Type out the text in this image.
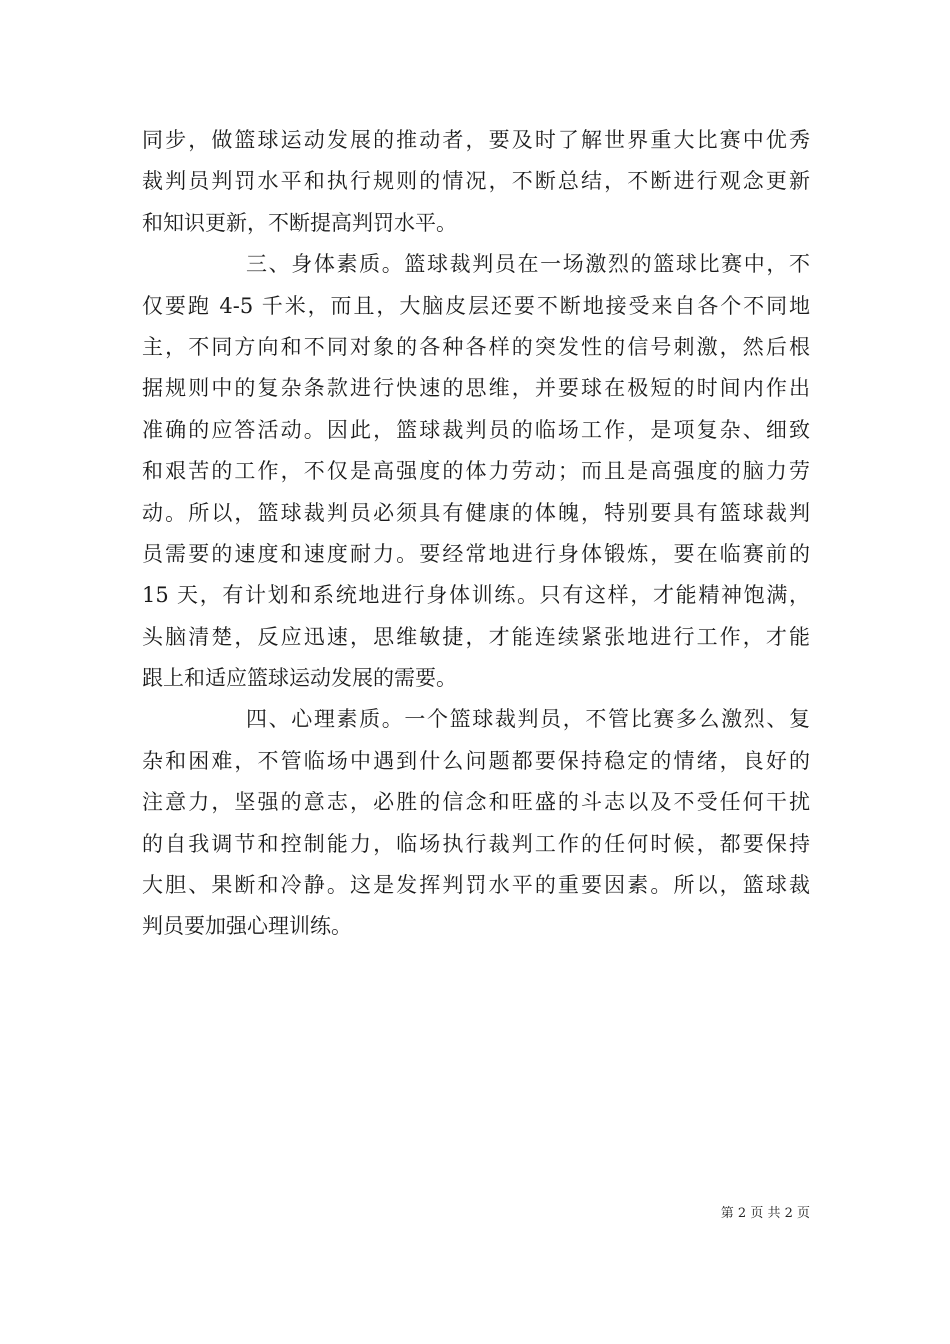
同步，做篮球运动发展的推动者，要及时了解世界重大比赛中优秀
裁判员判罚水平和执行规则的情况，不断总结，不断进行观念更新
和知识更新，不断提高判罚水平。
三、身体素质。篮球裁判员在一场激烈的篮球比赛中，不
仅要跑 4-5 千米，而且，大脑皮层还要不断地接受来自各个不同地
主，不同方向和不同对象的各种各样的突发性的信号刺激，然后根
据规则中的复杂条款进行快速的思维，并要球在极短的时间内作出
准确的应答活动。因此，篮球裁判员的临场工作，是项复杂、细致
和艰苦的工作，不仅是高强度的体力劳动；而且是高强度的脑力劳
动。所以，篮球裁判员必须具有健康的体魄，特别要具有篮球裁判
员需要的速度和速度耐力。要经常地进行身体锻炼，要在临赛前的
15 天，有计划和系统地进行身体训练。只有这样，才能精神饱满，
头脑清楚，反应迅速，思维敏捷，才能连续紧张地进行工作，才能
跟上和适应篮球运动发展的需要。
四、心理素质。一个篮球裁判员，不管比赛多么激烈、复
杂和困难，不管临场中遇到什么问题都要保持稳定的情绪，良好的
注意力，坚强的意志，必胜的信念和旺盛的斗志以及不受任何干扰
的自我调节和控制能力，临场执行裁判工作的任何时候，都要保持
大胆、果断和冷静。这是发挥判罚水平的重要因素。所以，篮球裁
判员要加强心理训练。
第 2 页 共 2 页
